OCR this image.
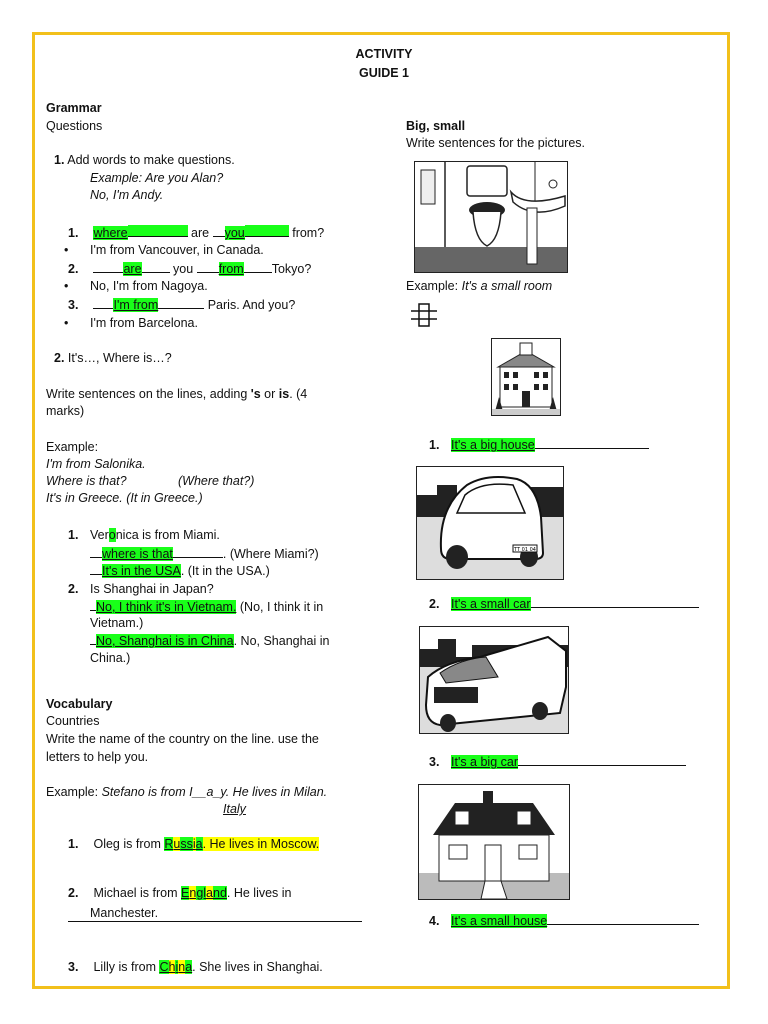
ACTIVITY
GUIDE 1
Grammar
Questions
1. Add words to make questions.
Example: Are you Alan?
No, I'm Andy.
1. where	are you	from?
• I'm from Vancouver, in Canada.
2.	are	you from Tokyo?
• No, I'm from Nagoya.
3.	I'm from	Paris. And you?
• I'm from Barcelona.
2. It's…, Where is…?
Write sentences on the lines, adding 's or is. (4
marks)
Example:
I'm from Salonika.
Where is that?	(Where that?)
It's in Greece. (It in Greece.)
1. Veronica is from Miami.
where is that	. (Where Miami?)
It's in the USA. (It in the USA.)
2. Is Shanghai in Japan?
No, I think it's in Vietnam. (No, I think it in
Vietnam.)
No, Shanghai is in China. No, Shanghai in
China.)
Vocabulary
Countries
Write the name of the country on the line. use the
letters to help you.
Example: Stefano is from I__a_y. He lives in Milan.
Italy
1. Oleg is from Russia. He lives in Moscow.
2. Michael is from England. He lives in
Manchester.
3. Lilly is from China. She lives in Shanghai.
Big, small
Write sentences for the pictures.
Example: It's a small room
1. It's a big house
TT 01 04
2. It's a small car
3. It's a big car
4. It's a small house
